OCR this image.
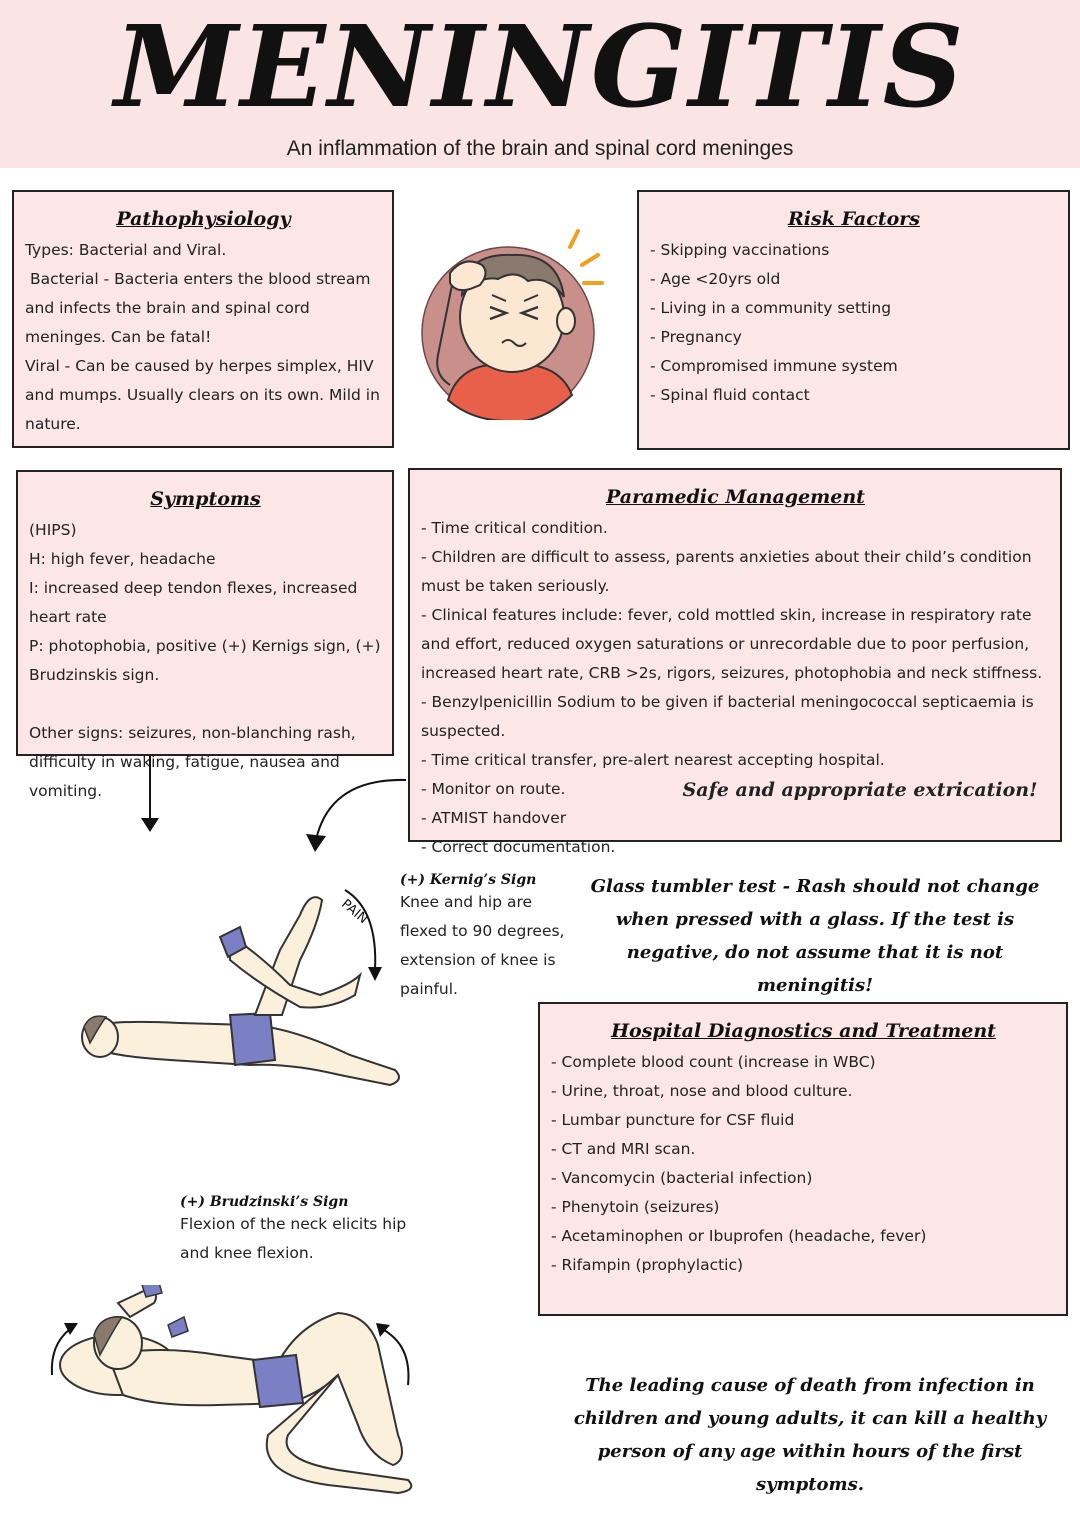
MENINGITIS
An inflammation of the brain and spinal cord meninges
Pathophysiology
Types: Bacterial and Viral.
Bacterial - Bacteria enters the blood stream and infects the brain and spinal cord meninges. Can be fatal!
Viral - Can be caused by herpes simplex, HIV and mumps. Usually clears on its own. Mild in nature.
Risk Factors
- Skipping vaccinations
- Age <20yrs old
- Living in a community setting
- Pregnancy
- Compromised immune system
- Spinal fluid contact
Symptoms
(HIPS)
H: high fever, headache
I: increased deep tendon flexes, increased heart rate
P: photophobia, positive (+) Kernigs sign, (+) Brudzinskis sign.
Other signs: seizures, non-blanching rash, difficulty in waking, fatigue, nausea and vomiting.
Paramedic Management
- Time critical condition.
- Children are difficult to assess, parents anxieties about their child’s condition must be taken seriously.
- Clinical features include: fever, cold mottled skin, increase in respiratory rate and effort, reduced oxygen saturations or unrecordable due to poor perfusion, increased heart rate, CRB >2s, rigors, seizures, photophobia and neck stiffness.
- Benzylpenicillin Sodium to be given if bacterial meningococcal septicaemia is suspected.
- Time critical transfer, pre-alert nearest accepting hospital.
- Monitor on route.
- ATMIST handover
- Correct documentation.
Safe and appropriate extrication!
PAIN
(+) Kernig’s Sign
Knee and hip are flexed to 90 degrees, extension of knee is painful.
Glass tumbler test - Rash should not change when pressed with a glass. If the test is negative, do not assume that it is not meningitis!
Hospital Diagnostics and Treatment
- Complete blood count (increase in WBC)
- Urine, throat, nose and blood culture.
- Lumbar puncture for CSF fluid
- CT and MRI scan.
- Vancomycin (bacterial infection)
- Phenytoin (seizures)
- Acetaminophen or Ibuprofen (headache, fever)
- Rifampin (prophylactic)
(+) Brudzinski’s Sign
Flexion of the neck elicits hip and knee flexion.
The leading cause of death from infection in children and young adults, it can kill a healthy person of any age within hours of the first symptoms.
